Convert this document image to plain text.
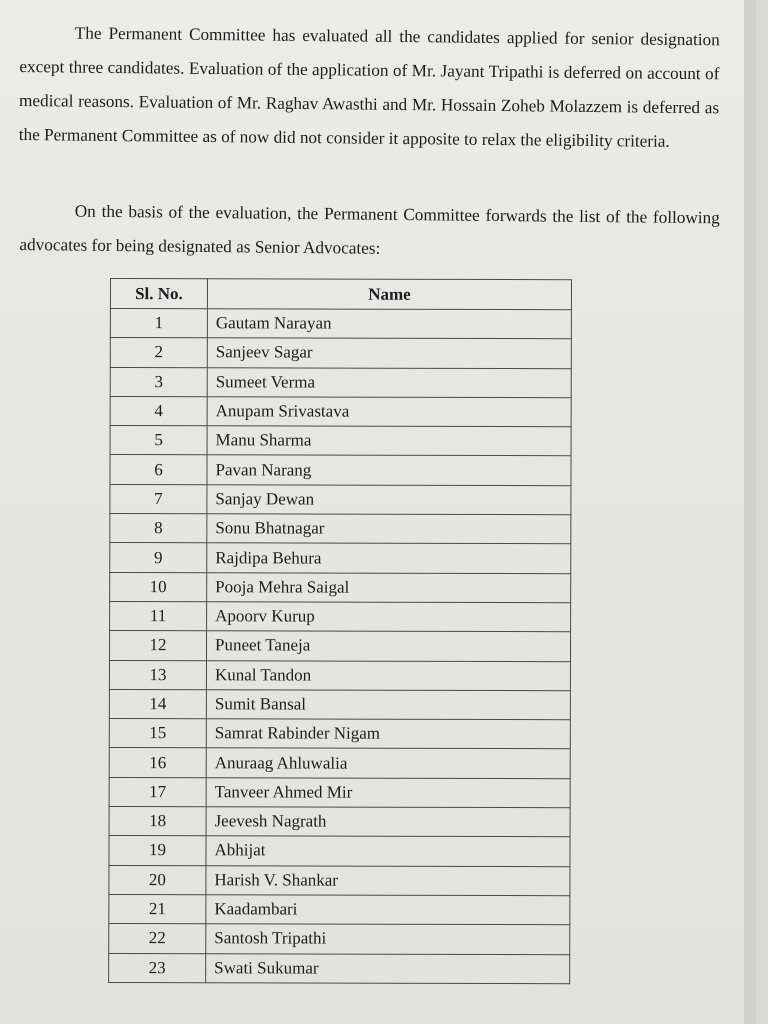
The Permanent Committee has evaluated all the candidates applied for senior designation except three candidates. Evaluation of the application of Mr. Jayant Tripathi is deferred on account of medical reasons. Evaluation of Mr. Raghav Awasthi and Mr. Hossain Zoheb Molazzem is deferred as the Permanent Committee as of now did not consider it apposite to relax the eligibility criteria.

On the basis of the evaluation, the Permanent Committee forwards the list of the following advocates for being designated as Senior Advocates:

Sl. No.	Name
1	Gautam Narayan
2	Sanjeev Sagar
3	Sumeet Verma
4	Anupam Srivastava
5	Manu Sharma
6	Pavan Narang
7	Sanjay Dewan
8	Sonu Bhatnagar
9	Rajdipa Behura
10	Pooja Mehra Saigal
11	Apoorv Kurup
12	Puneet Taneja
13	Kunal Tandon
14	Sumit Bansal
15	Samrat Rabinder Nigam
16	Anuraag Ahluwalia
17	Tanveer Ahmed Mir
18	Jeevesh Nagrath
19	Abhijat
20	Harish V. Shankar
21	Kaadambari
22	Santosh Tripathi
23	Swati Sukumar
